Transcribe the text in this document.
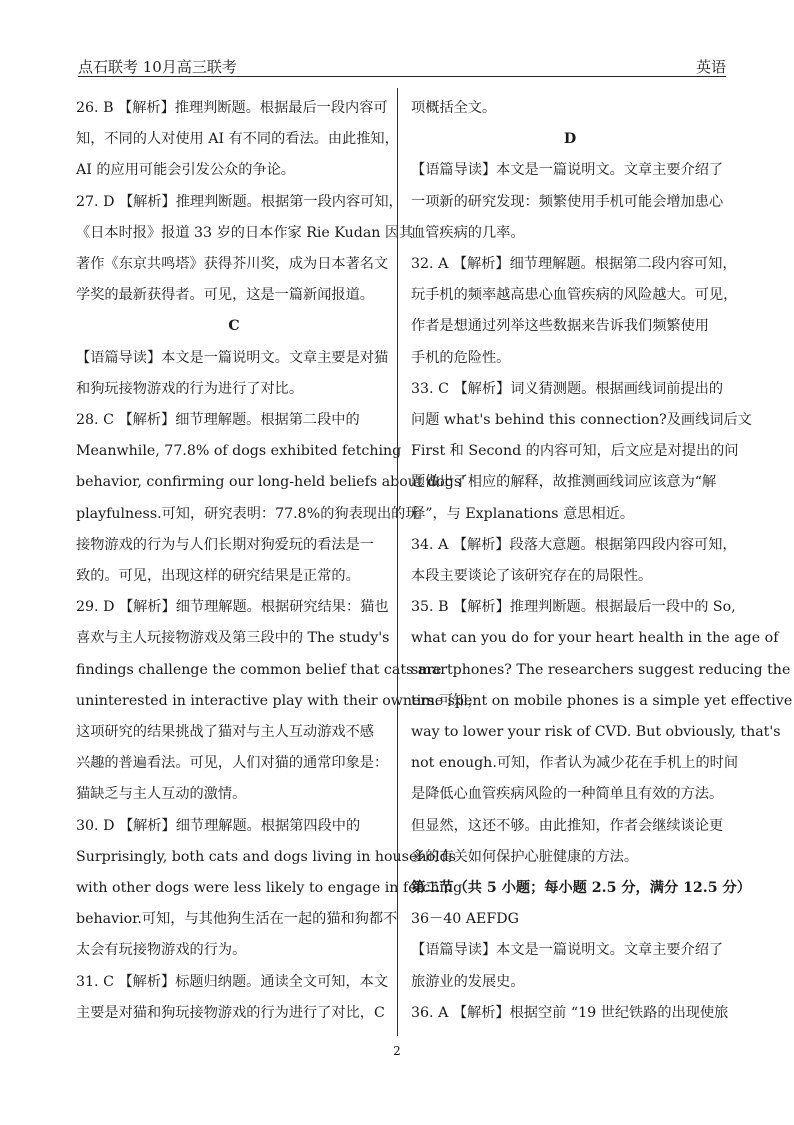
点石联考 10月高三联考	英语
26. B 【解析】推理判断题。根据最后一段内容可
知，不同的人对使用 AI 有不同的看法。由此推知，
AI 的应用可能会引发公众的争论。
27. D 【解析】推理判断题。根据第一段内容可知，
《日本时报》报道 33 岁的日本作家 Rie Kudan 因其
著作《东京共鸣塔》获得芥川奖，成为日本著名文
学奖的最新获得者。可见，这是一篇新闻报道。
C
【语篇导读】本文是一篇说明文。文章主要是对猫
和狗玩接物游戏的行为进行了对比。
28. C 【解析】细节理解题。根据第二段中的
Meanwhile, 77.8% of dogs exhibited fetching
behavior, confirming our long-held beliefs about dogs'
playfulness.可知，研究表明：77.8%的狗表现出的玩
接物游戏的行为与人们长期对狗爱玩的看法是一
致的。可见，出现这样的研究结果是正常的。
29. D 【解析】细节理解题。根据研究结果：猫也
喜欢与主人玩接物游戏及第三段中的 The study's
findings challenge the common belief that cats are
uninterested in interactive play with their owners.可知，
这项研究的结果挑战了猫对与主人互动游戏不感
兴趣的普遍看法。可见，人们对猫的通常印象是：
猫缺乏与主人互动的激情。
30. D 【解析】细节理解题。根据第四段中的
Surprisingly, both cats and dogs living in households
with other dogs were less likely to engage in fetching
behavior.可知，与其他狗生活在一起的猫和狗都不
太会有玩接物游戏的行为。
31. C 【解析】标题归纳题。通读全文可知，本文
主要是对猫和狗玩接物游戏的行为进行了对比，C
项概括全文。
D
【语篇导读】本文是一篇说明文。文章主要介绍了
一项新的研究发现：频繁使用手机可能会增加患心
血管疾病的几率。
32. A 【解析】细节理解题。根据第二段内容可知，
玩手机的频率越高患心血管疾病的风险越大。可见，
作者是想通过列举这些数据来告诉我们频繁使用
手机的危险性。
33. C 【解析】词义猜测题。根据画线词前提出的
问题 what's behind this connection?及画线词后文
First 和 Second 的内容可知，后文应是对提出的问
题做出了相应的解释，故推测画线词应该意为“解
释”，与 Explanations 意思相近。
34. A 【解析】段落大意题。根据第四段内容可知，
本段主要谈论了该研究存在的局限性。
35. B 【解析】推理判断题。根据最后一段中的 So,
what can you do for your heart health in the age of
smartphones? The researchers suggest reducing the
time spent on mobile phones is a simple yet effective
way to lower your risk of CVD. But obviously, that's
not enough.可知，作者认为减少花在手机上的时间
是降低心血管疾病风险的一种简单且有效的方法。
但显然，这还不够。由此推知，作者会继续谈论更
多的有关如何保护心脏健康的方法。
第二节（共 5 小题；每小题 2.5 分，满分 12.5 分）
36－40 AEFDG
【语篇导读】本文是一篇说明文。文章主要介绍了
旅游业的发展史。
36. A 【解析】根据空前 “19 世纪铁路的出现使旅
2
